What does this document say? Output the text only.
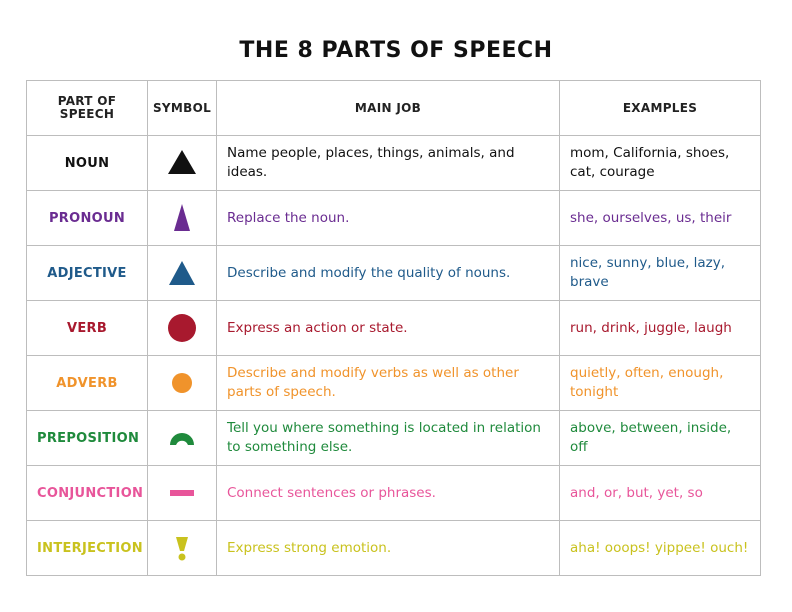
THE 8 PARTS OF SPEECH
PART OF SPEECH	SYMBOL	MAIN JOB	EXAMPLES
NOUN		Name people, places, things, animals, and ideas.	mom, California, shoes, cat, courage
PRONOUN		Replace the noun.	she, ourselves, us, their
ADJECTIVE		Describe and modify the quality of nouns.	nice, sunny, blue, lazy, brave
VERB		Express an action or state.	run, drink, juggle, laugh
ADVERB		Describe and modify verbs as well as other parts of speech.	quietly, often, enough, tonight
PREPOSITION		Tell you where something is located in relation to something else.	above, between, inside, off
CONJUNCTION		Connect sentences or phrases.	and, or, but, yet, so
INTERJECTION		Express strong emotion.	aha! ooops! yippee! ouch!
